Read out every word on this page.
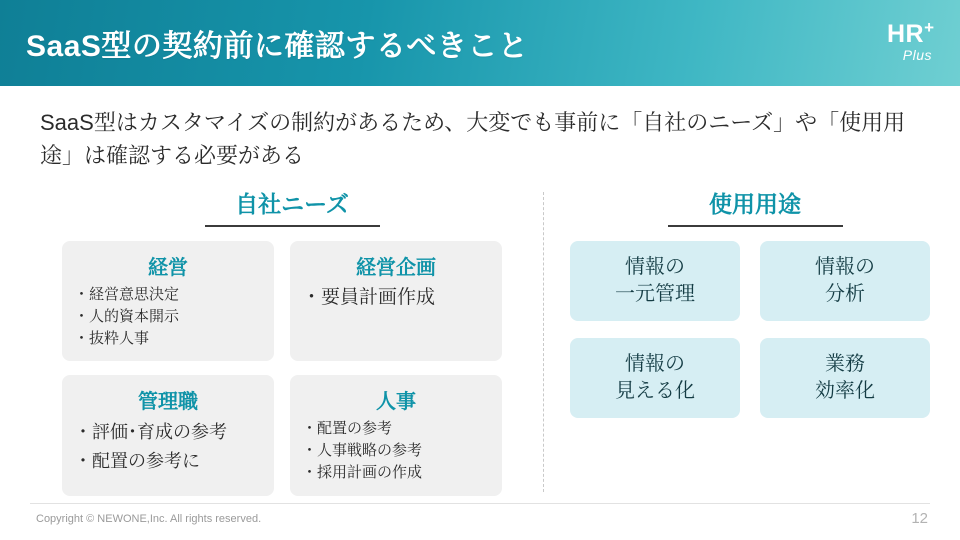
SaaS型の契約前に確認するべきこと	HR+
Plus
SaaS型はカスタマイズの制約があるため、大変でも事前に「自社のニーズ」や「使用用途」は確認する必要がある
自社ニーズ
経営
・経営意思決定
・人的資本開示
・抜粋人事
経営企画
・要員計画作成
管理職
・評価･育成の参考
・配置の参考に
人事
・配置の参考
・人事戦略の参考
・採用計画の作成
使用用途
情報の
一元管理
情報の
分析
情報の
見える化
業務
効率化
Copyright © NEWONE,Inc. All rights reserved.	12
